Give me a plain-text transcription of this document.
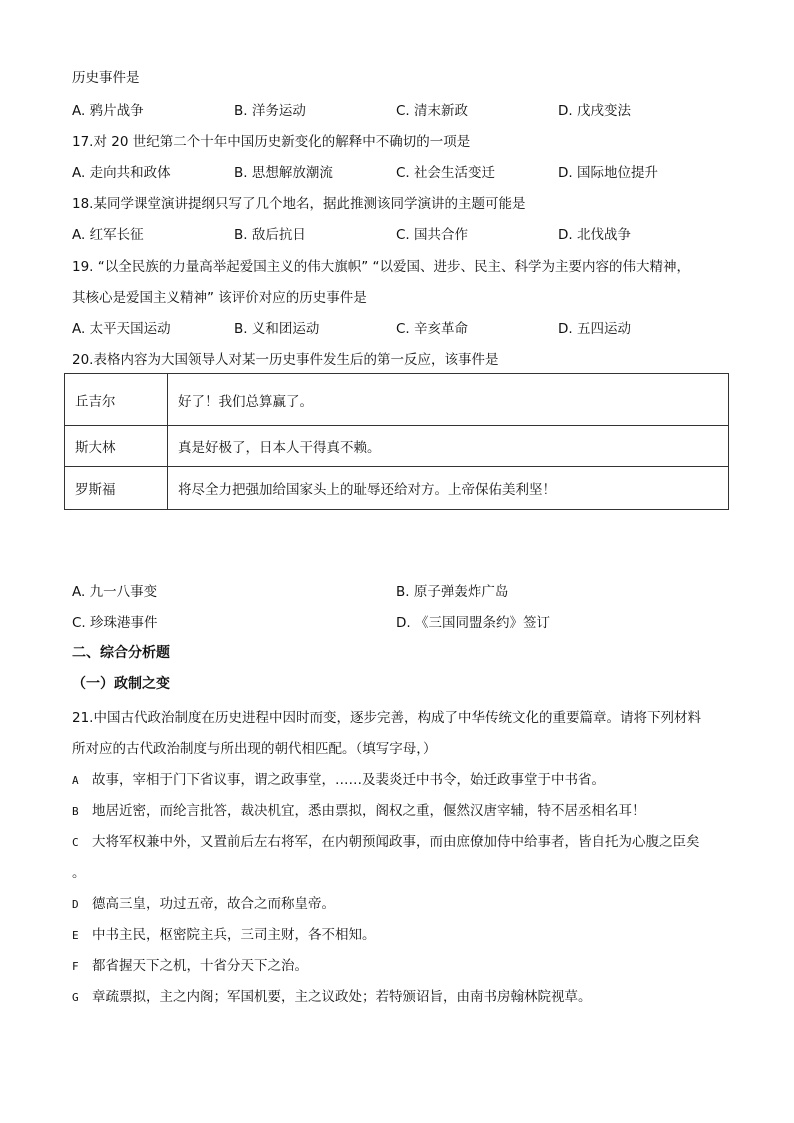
历史事件是
A. 鸦片战争	B. 洋务运动	C. 清末新政	D. 戊戌变法
17.对 20 世纪第二个十年中国历史新变化的解释中不确切的一项是
A. 走向共和政体	B. 思想解放潮流	C. 社会生活变迁	D. 国际地位提升
18.某同学课堂演讲提纲只写了几个地名，据此推测该同学演讲的主题可能是
A. 红军长征	B. 敌后抗日	C. 国共合作	D. 北伐战争
19. “以全民族的力量高举起爱国主义的伟大旗帜” “以爱国、进步、民主、科学为主要内容的伟大精神，
其核心是爱国主义精神” 该评价对应的历史事件是
A. 太平天国运动	B. 义和团运动	C. 辛亥革命	D. 五四运动
20.表格内容为大国领导人对某一历史事件发生后的第一反应，该事件是
丘吉尔	好了！我们总算赢了。
斯大林	真是好极了，日本人干得真不赖。
罗斯福	将尽全力把强加给国家头上的耻辱还给对方。上帝保佑美利坚！
A. 九一八事变	B. 原子弹轰炸广岛
C. 珍珠港事件	D. 《三国同盟条约》签订
二、综合分析题
（一）政制之变
21.中国古代政治制度在历史进程中因时而变，逐步完善，构成了中华传统文化的重要篇章。请将下列材料
所对应的古代政治制度与所出现的朝代相匹配。（填写字母，）
A 故事，宰相于门下省议事，谓之政事堂，……及裴炎迁中书令，始迁政事堂于中书省。
B 地居近密，而纶言批答，裁决机宜，悉由票拟，阁权之重，偃然汉唐宰辅，特不居丞相名耳！
C 大将军权兼中外，又置前后左右将军，在内朝预闻政事，而由庶僚加侍中给事者，皆自托为心腹之臣矣
。
D 德高三皇，功过五帝，故合之而称皇帝。
E 中书主民，枢密院主兵，三司主财，各不相知。
F 都省握天下之机，十省分天下之治。
G 章疏票拟，主之内阁；军国机要，主之议政处；若特颁诏旨，由南书房翰林院视草。
